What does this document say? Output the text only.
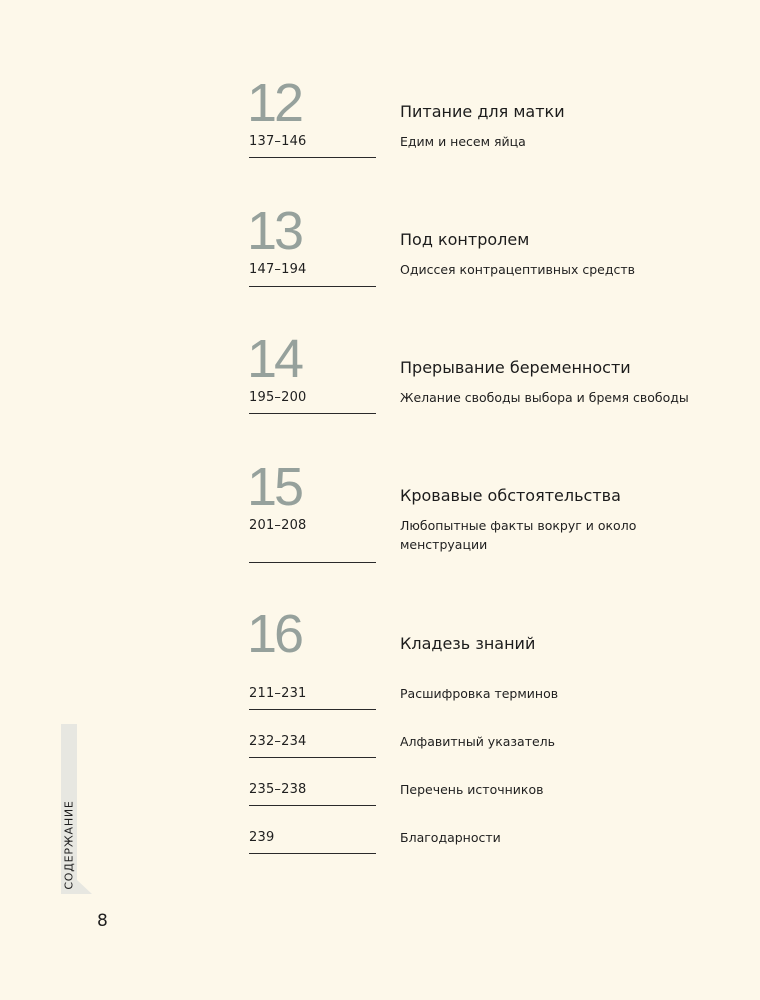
12	Питание для матки
137–146	Едим и несем яйца
13	Под контролем
147–194	Одиссея контрацептивных средств
14	Прерывание беременности
195–200	Желание свободы выбора и бремя свободы
15	Кровавые обстоятельства
201–208	Любопытные факты вокруг и около менструации
16	Кладезь знаний
211–231	Расшифровка терминов
232–234	Алфавитный указатель
235–238	Перечень источников
239	Благодарности
СОДЕРЖАНИЕ
8
